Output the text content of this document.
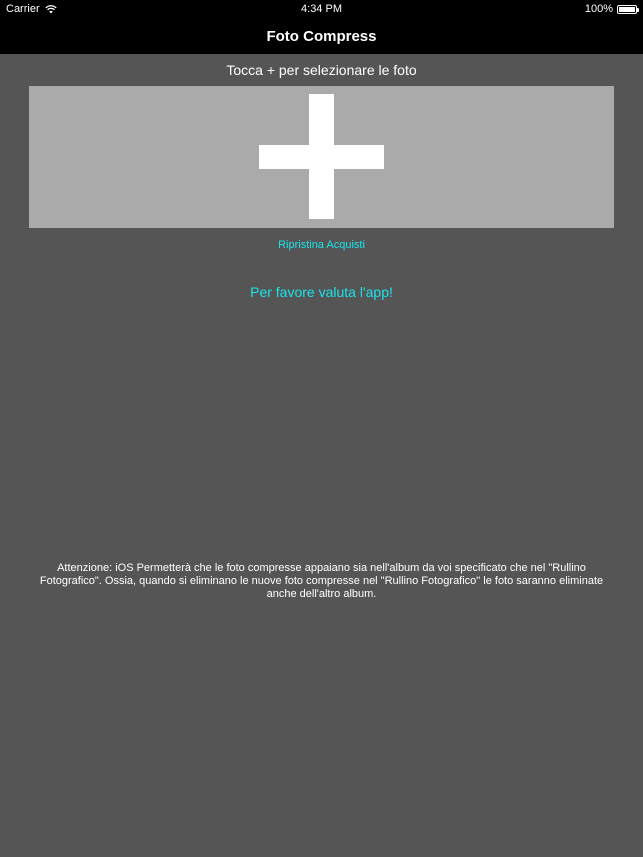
Carrier	4:34 PM	100%
Foto Compress
Tocca + per selezionare le foto
Ripristina Acquisti
Per favore valuta l'app!
Attenzione: iOS Permetterà che le foto compresse appaiano sia nell'album da voi specificato che nel "Rullino Fotografico". Ossia, quando si eliminano le nuove foto compresse nel "Rullino Fotografico" le foto saranno eliminate anche dell'altro album.
